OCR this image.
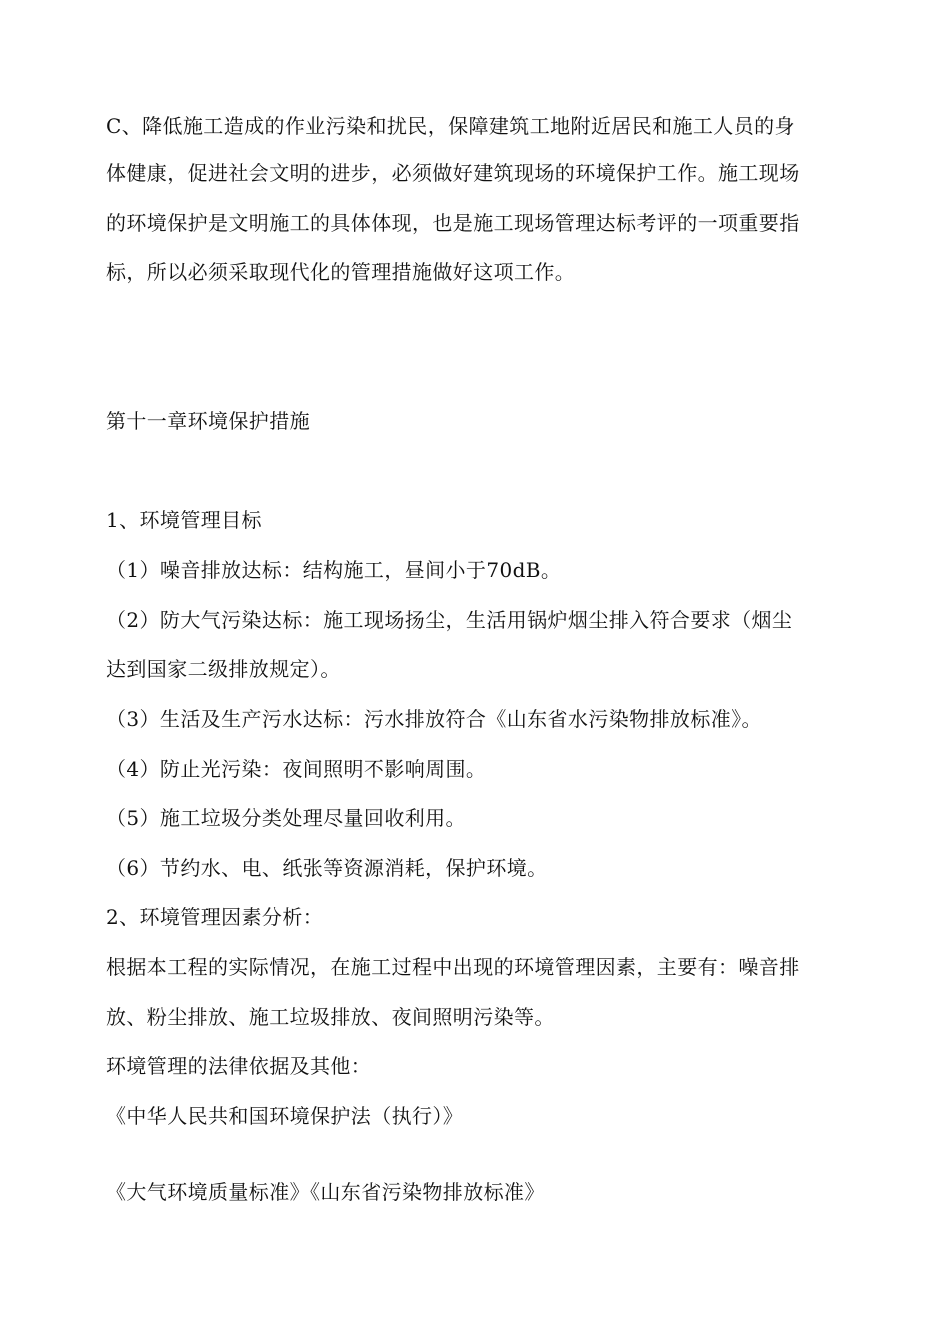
C、降低施工造成的作业污染和扰民，保障建筑工地附近居民和施工人员的身
体健康，促进社会文明的进步，必须做好建筑现场的环境保护工作。施工现场
的环境保护是文明施工的具体体现，也是施工现场管理达标考评的一项重要指
标，所以必须采取现代化的管理措施做好这项工作。
第十一章环境保护措施
1、环境管理目标
（1）噪音排放达标：结构施工，昼间小于70dB。
（2）防大气污染达标：施工现场扬尘，生活用锅炉烟尘排入符合要求（烟尘
达到国家二级排放规定）。
（3）生活及生产污水达标：污水排放符合《山东省水污染物排放标准》。
（4）防止光污染：夜间照明不影响周围。
（5）施工垃圾分类处理尽量回收利用。
（6）节约水、电、纸张等资源消耗，保护环境。
2、环境管理因素分析：
根据本工程的实际情况，在施工过程中出现的环境管理因素，主要有：噪音排
放、粉尘排放、施工垃圾排放、夜间照明污染等。
环境管理的法律依据及其他：
《中华人民共和国环境保护法（执行）》
《大气环境质量标准》《山东省污染物排放标准》
